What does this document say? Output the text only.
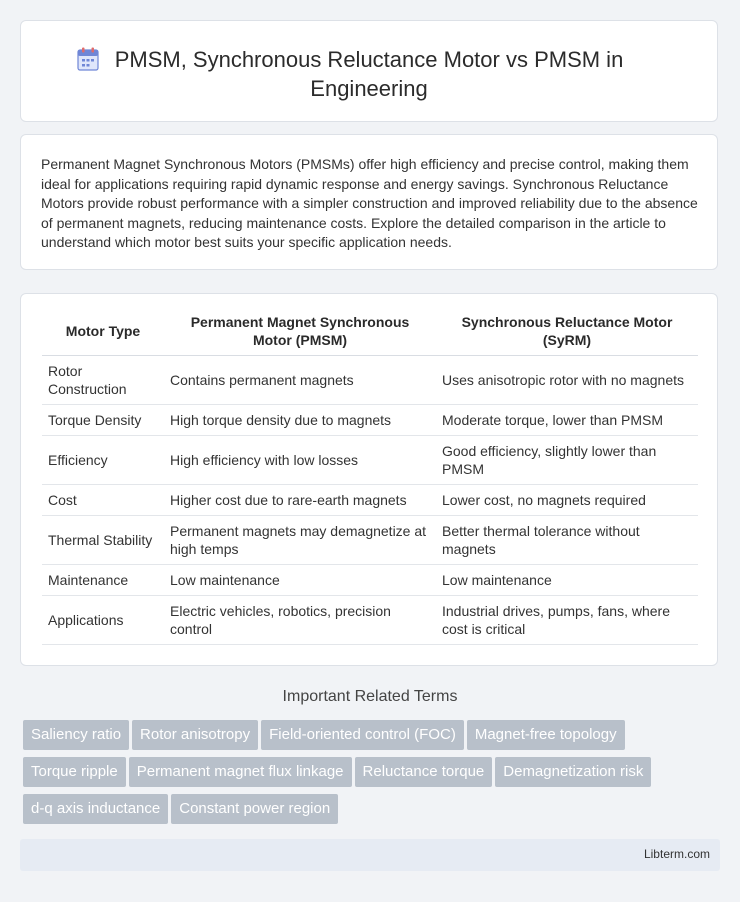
PMSM, Synchronous Reluctance Motor vs PMSM in Engineering

Permanent Magnet Synchronous Motors (PMSMs) offer high efficiency and precise control, making them ideal for applications requiring rapid dynamic response and energy savings. Synchronous Reluctance Motors provide robust performance with a simpler construction and improved reliability due to the absence of permanent magnets, reducing maintenance costs. Explore the detailed comparison in the article to understand which motor best suits your specific application needs.

Motor Type	Permanent Magnet Synchronous Motor (PMSM)	Synchronous Reluctance Motor (SyRM)
Rotor Construction	Contains permanent magnets	Uses anisotropic rotor with no magnets
Torque Density	High torque density due to magnets	Moderate torque, lower than PMSM
Efficiency	High efficiency with low losses	Good efficiency, slightly lower than PMSM
Cost	Higher cost due to rare-earth magnets	Lower cost, no magnets required
Thermal Stability	Permanent magnets may demagnetize at high temps	Better thermal tolerance without magnets
Maintenance	Low maintenance	Low maintenance
Applications	Electric vehicles, robotics, precision control	Industrial drives, pumps, fans, where cost is critical
Important Related Terms
Saliency ratio Rotor anisotropy Field-oriented control (FOC) Magnet-free topology
Torque ripple Permanent magnet flux linkage Reluctance torque Demagnetization risk
d-q axis inductance Constant power region
Libterm.com
